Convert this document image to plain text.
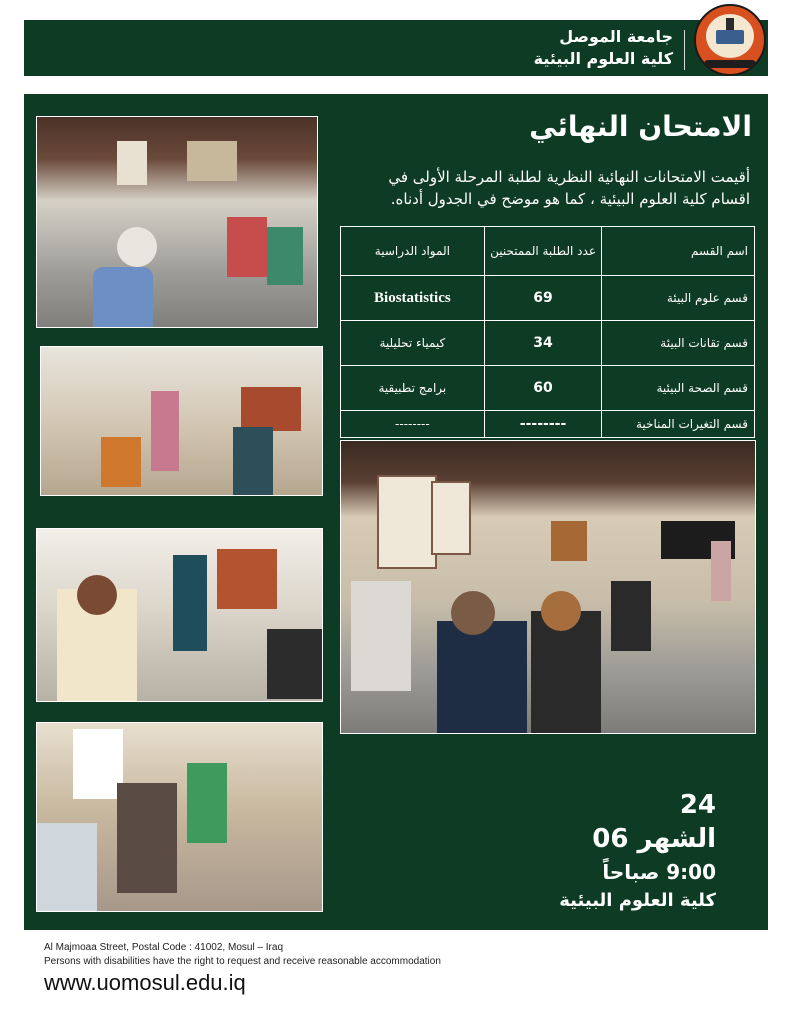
جامعة الموصل
كلية العلوم البيئية
الامتحان النهائي
أقيمت الامتحانات النهائية النظرية لطلبة المرحلة الأولى في
اقسام كلية العلوم البيئية ، كما هو موضح في الجدول أدناه.
اسم القسم	عدد الطلبة الممتحنين	المواد الدراسية
قسم علوم البيئة	69	Biostatistics
قسم تقانات البيئة	34	كيمياء تحليلية
قسم الصحة البيئية	60	برامج تطبيقية
قسم التغيرات المناخية	--------	--------
24
الشهر 06
9:00 صباحاً
كلية العلوم البيئية
Al Majmoaa Street, Postal Code : 41002, Mosul – Iraq
Persons with disabilities have the right to request and receive reasonable accommodation
www.uomosul.edu.iq
